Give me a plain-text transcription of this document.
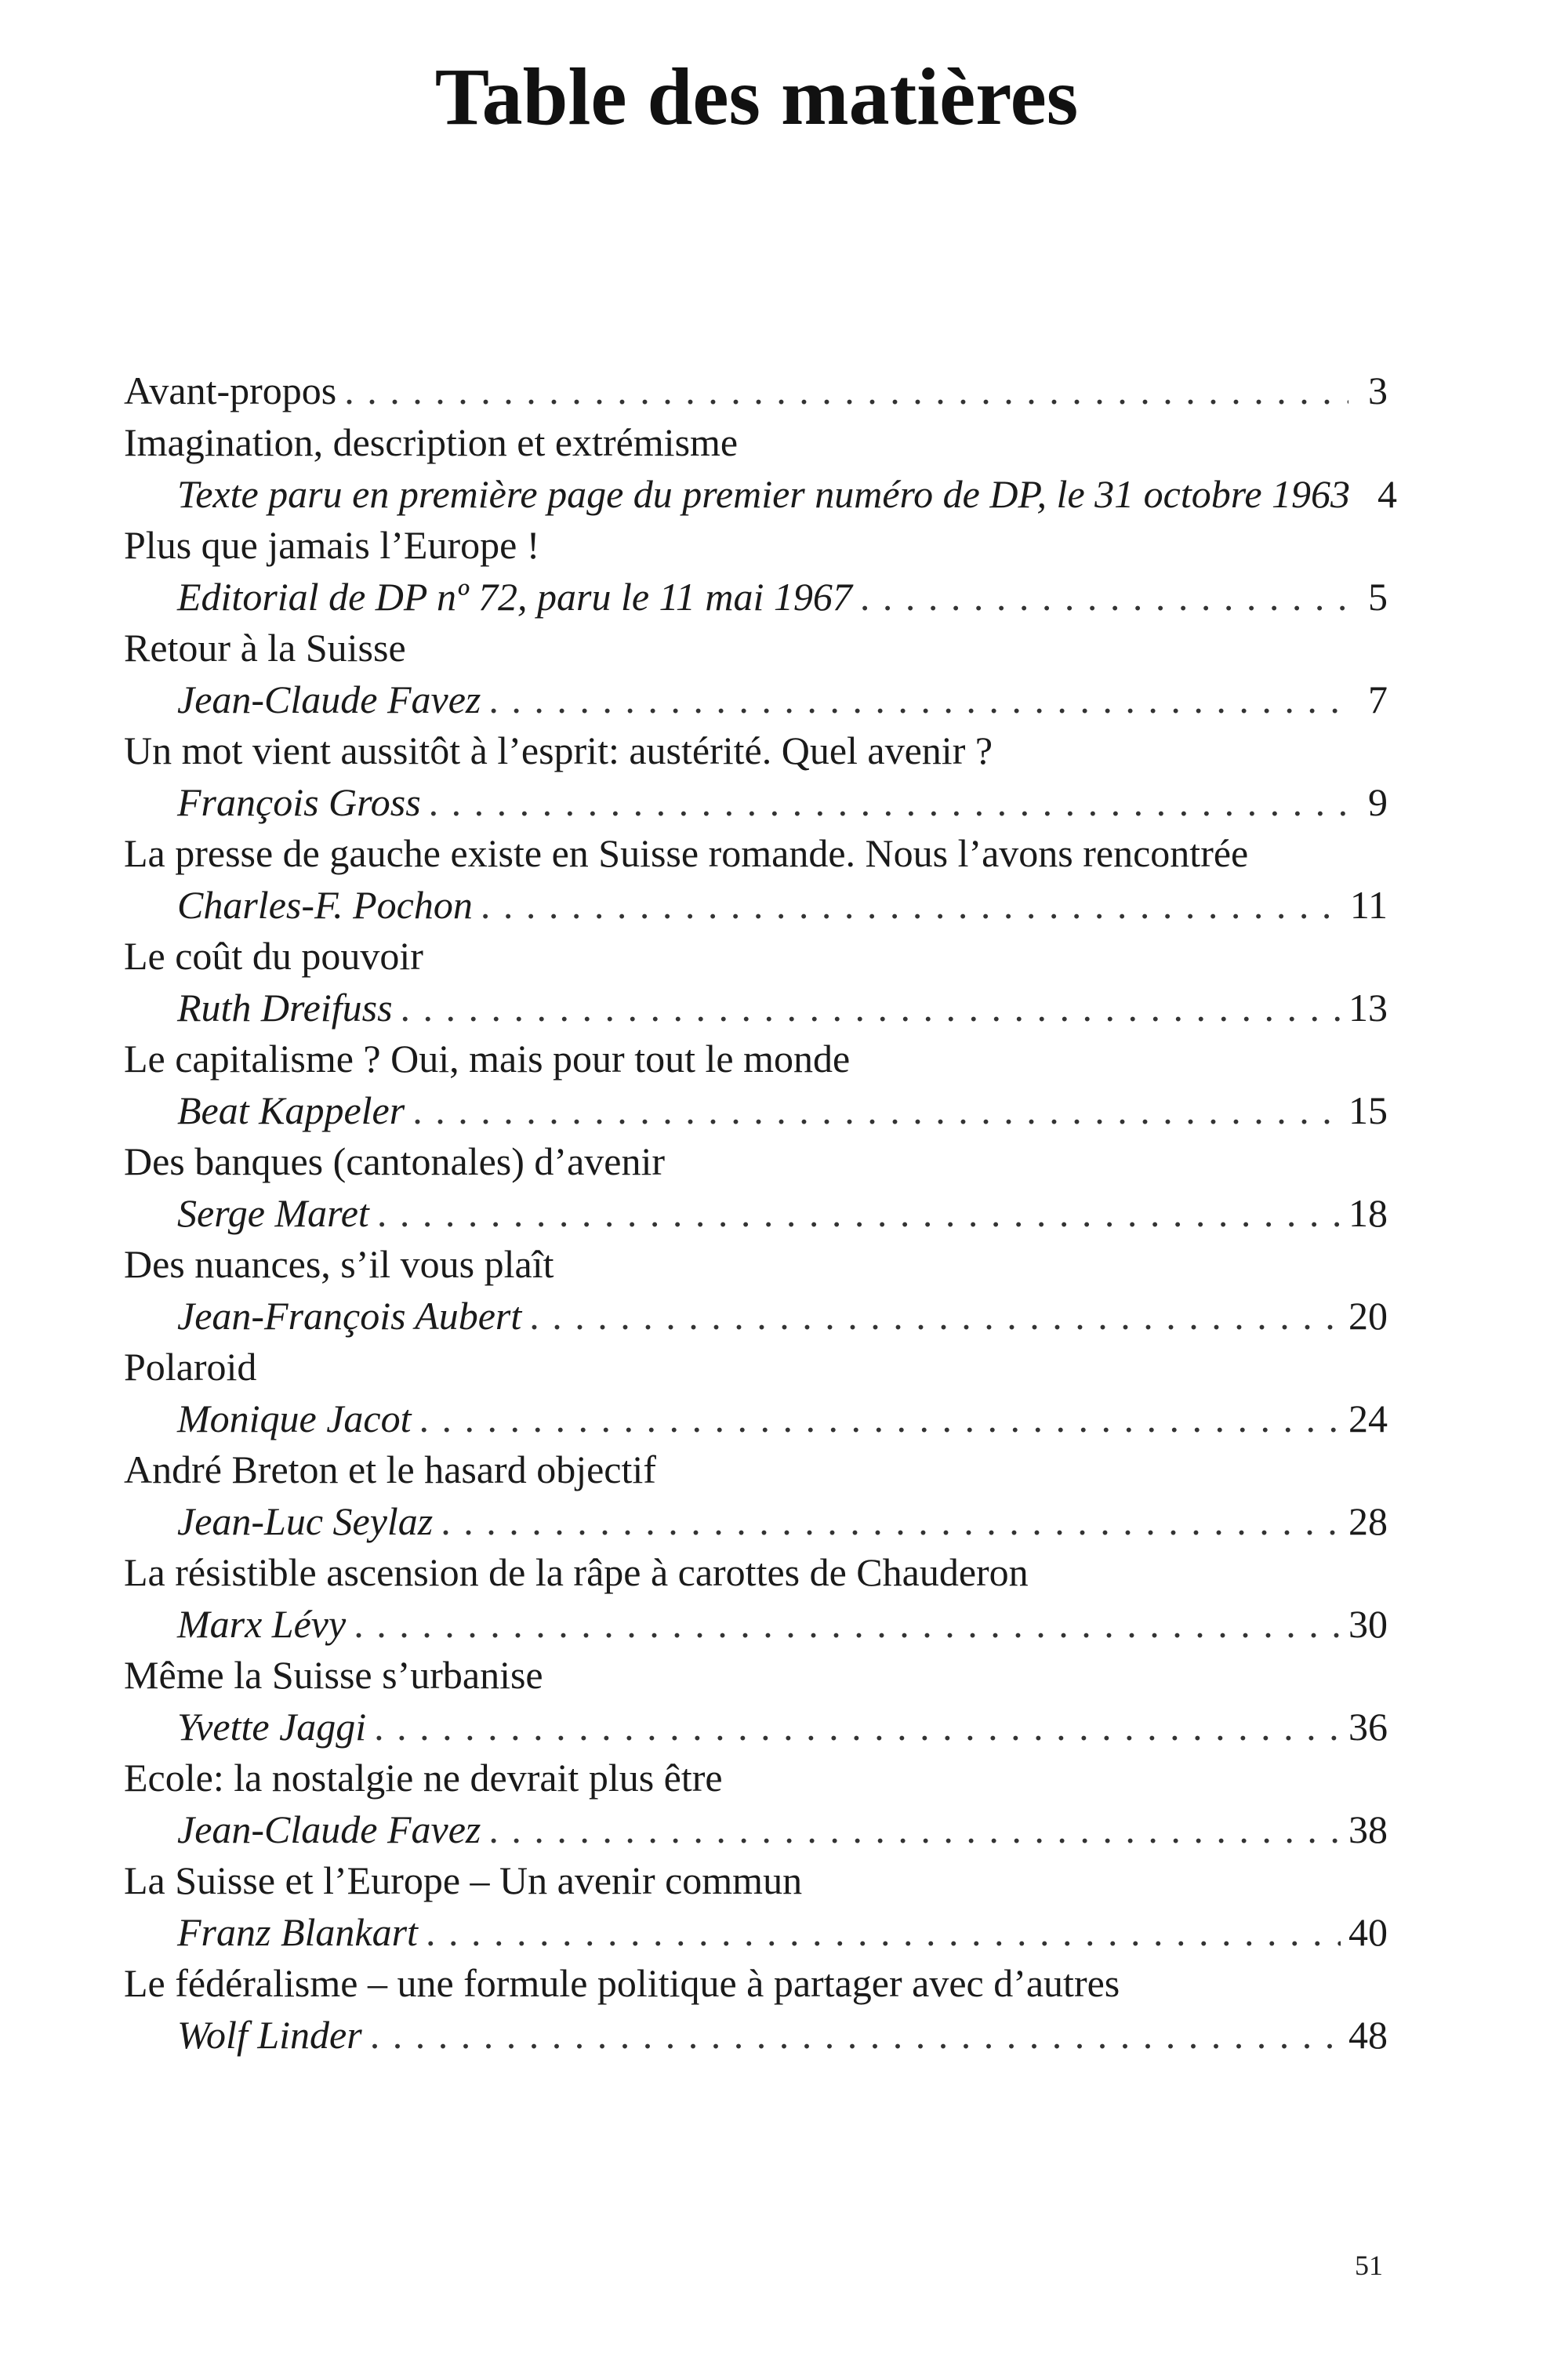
Table des matières
Avant-propos . . .	3
Imagination, description et extrémisme
Texte paru en première page du premier numéro de DP, le 31 octobre 1963 4
Plus que jamais l’Europe !
Editorial de DP nº 72, paru le 11 mai 1967 . . .	5
Retour à la Suisse
Jean-Claude Favez . . .	7
Un mot vient aussitôt à l’esprit: austérité. Quel avenir ?
François Gross . . .	9
La presse de gauche existe en Suisse romande. Nous l’avons rencontrée
Charles-F. Pochon . . .	11
Le coût du pouvoir
Ruth Dreifuss . . .	13
Le capitalisme ? Oui, mais pour tout le monde
Beat Kappeler . . .	15
Des banques (cantonales) d’avenir
Serge Maret . . .	18
Des nuances, s’il vous plaît
Jean-François Aubert . . .	20
Polaroid
Monique Jacot . . .	24
André Breton et le hasard objectif
Jean-Luc Seylaz . . .	28
La résistible ascension de la râpe à carottes de Chauderon
Marx Lévy . . .	30
Même la Suisse s’urbanise
Yvette Jaggi . . .	36
Ecole: la nostalgie ne devrait plus être
Jean-Claude Favez . . .	38
La Suisse et l’Europe – Un avenir commun
Franz Blankart . . .	40
Le fédéralisme – une formule politique à partager avec d’autres
Wolf Linder . . .	48
51
